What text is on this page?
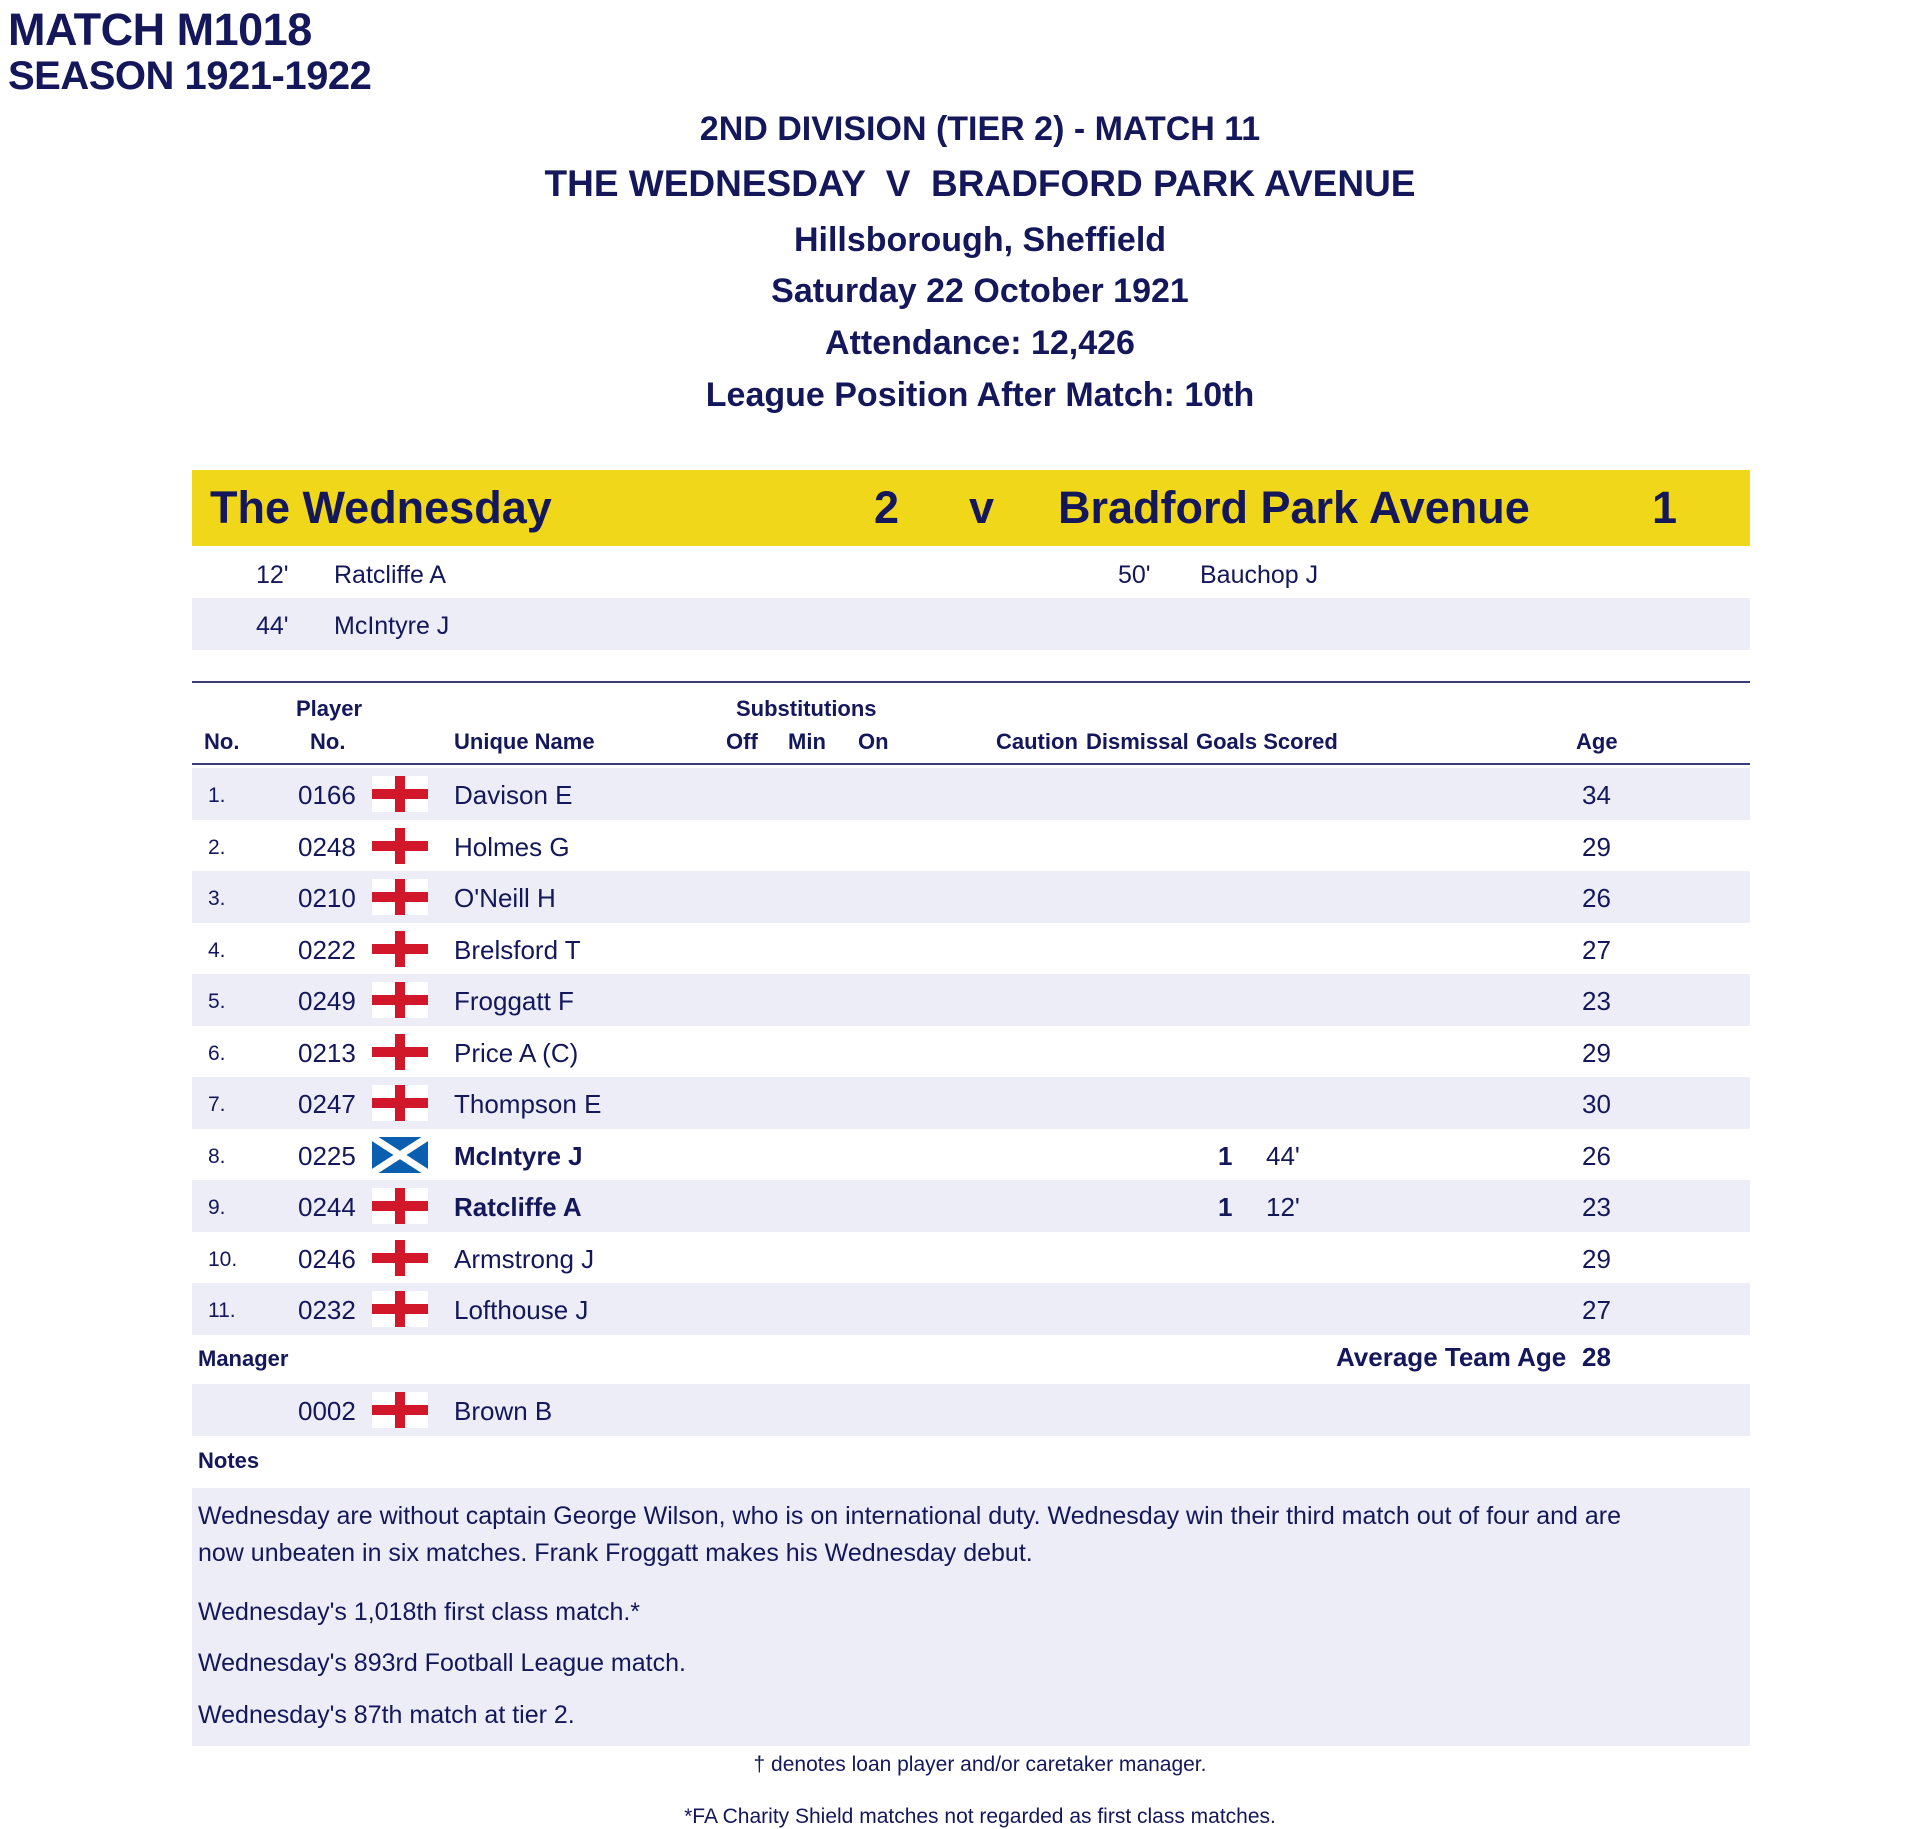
MATCH M1018
SEASON 1921-1922
2ND DIVISION (TIER 2) - MATCH 11
THE WEDNESDAY  V  BRADFORD PARK AVENUE
Hillsborough, Sheffield
Saturday 22 October 1921
Attendance: 12,426
League Position After Match: 10th
The Wednesday	2 v Bradford Park Avenue	1
12' Ratcliffe A	50' Bauchop J
44' McIntyre J
Player	Substitutions
No.	No.	Unique Name	Off Min On	Caution Dismissal Goals Scored	Age
1.	0166	Davison E	34
2.	0248	Holmes G	29
3.	0210	O'Neill H	26
4.	0222	Brelsford T	27
5.	0249	Froggatt F	23
6.	0213	Price A (C)	29
7.	0247	Thompson E	30
8.	0225	McIntyre J	1 44'	26
9.	0244	Ratcliffe A	1 12'	23
10. 0246	Armstrong J	29
11. 0232	Lofthouse J	27
Manager	Average Team Age 28
0002	Brown B
Notes
Wednesday are without captain George Wilson, who is on international duty. Wednesday win their third match out of four and are
now unbeaten in six matches. Frank Froggatt makes his Wednesday debut.
Wednesday's 1,018th first class match.*
Wednesday's 893rd Football League match.
Wednesday's 87th match at tier 2.
† denotes loan player and/or caretaker manager.
*FA Charity Shield matches not regarded as first class matches.
